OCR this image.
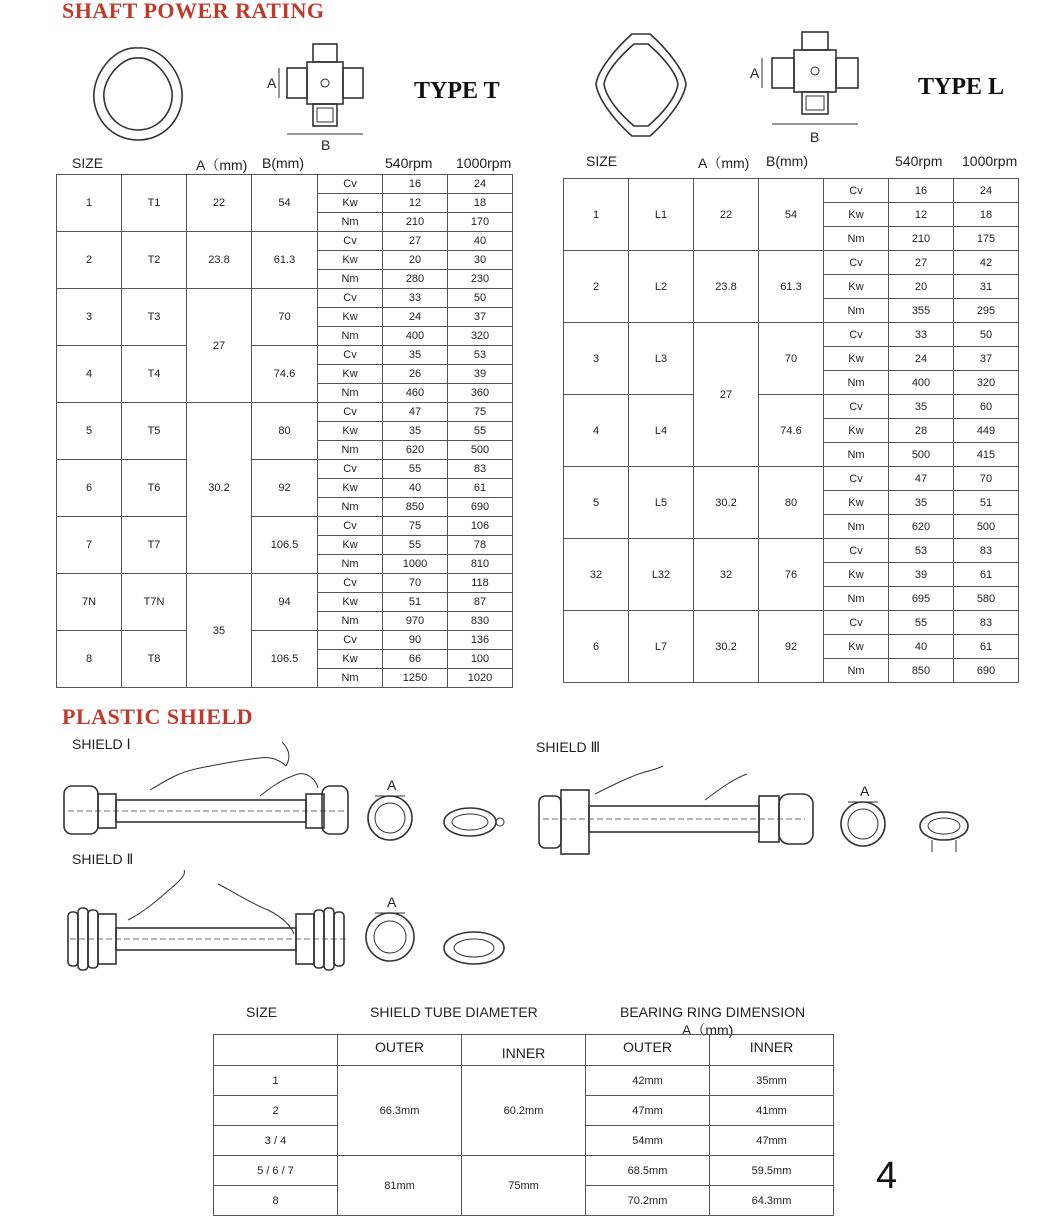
SHAFT POWER RATING
A
B
TYPE T
A
B
TYPE L
SIZE	A（mm) B(mm)	540rpm 1000rpm	SIZE	A（mm) B(mm)	540rpm 1000rpm
1	T1	22	54	Cv	16	24
				Kw	12	18
				Nm	210	170
2	T2	23.8	61.3	Cv	27	40
				Kw	20	30
				Nm	280	230
3	T3	27	70	Cv	33	50
				Kw	24	37
				Nm	400	320
4	T4		74.6	Cv	35	53
				Kw	26	39
				Nm	460	360
5	T5	30.2	80	Cv	47	75
				Kw	35	55
				Nm	620	500
6	T6		92	Cv	55	83
				Kw	40	61
				Nm	850	690
7	T7		106.5	Cv	75	106
				Kw	55	78
				Nm	1000	810
7N	T7N	35	94	Cv	70	118
				Kw	51	87
				Nm	970	830
8	T8		106.5	Cv	90	136
				Kw	66	100
				Nm	1250	1020
1	L1	22	54	Cv	16	24
				Kw	12	18
				Nm	210	175
2	L2	23.8	61.3	Cv	27	42
				Kw	20	31
				Nm	355	295
3	L3	27	70	Cv	33	50
				Kw	24	37
				Nm	400	320
4	L4		74.6	Cv	35	60
				Kw	28	449
				Nm	500	415
5	L5	30.2	80	Cv	47	70
				Kw	35	51
				Nm	620	500
32	L32	32	76	Cv	53	83
				Kw	39	61
				Nm	695	580
6	L7	30.2	92	Cv	55	83
				Kw	40	61
				Nm	850	690
PLASTIC SHIELD
SHIELD Ⅰ	SHIELD Ⅲ
SHIELD Ⅱ
A	A
A
SIZE	SHIELD TUBE DIAMETER	BEARING RING DIMENSION
A（mm)
	OUTER	INNER	OUTER	INNER
1	66.3mm	60.2mm	42mm	35mm
2			47mm	41mm
3 / 4			54mm	47mm
5 / 6 / 7	81mm	75mm	68.5mm	59.5mm
8			70.2mm	64.3mm
4
